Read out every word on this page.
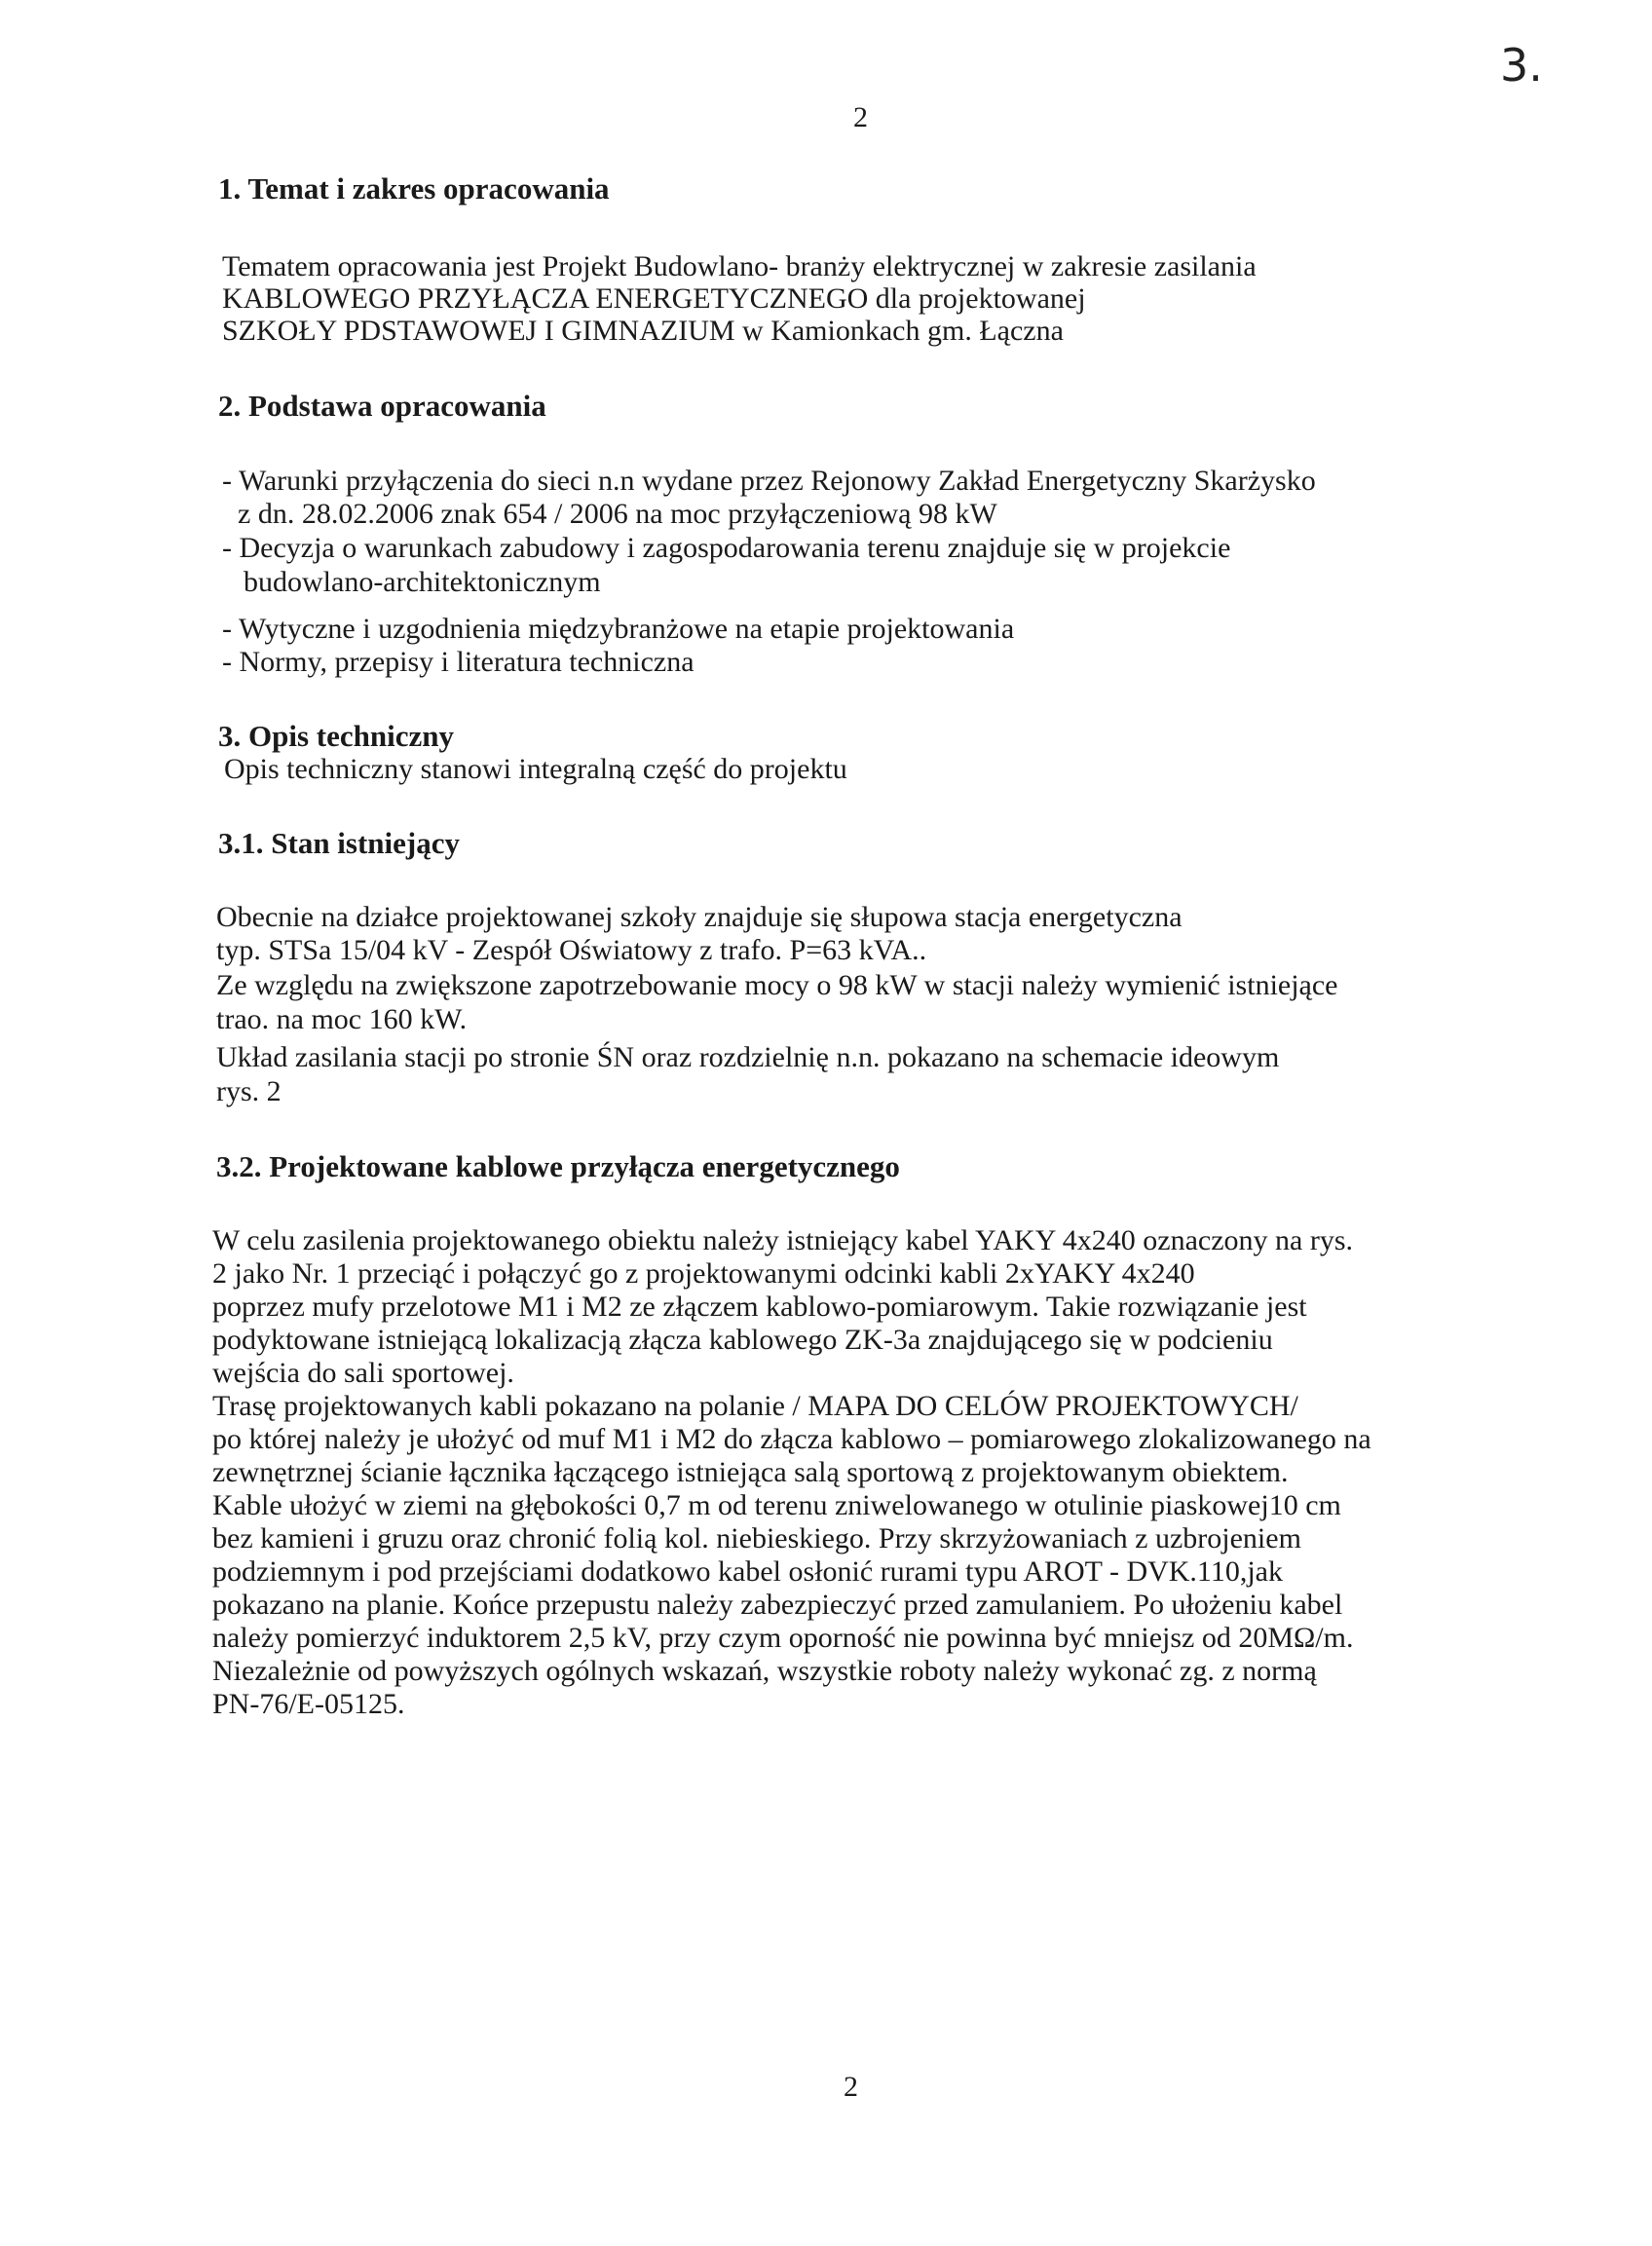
3.
2
1. Temat i zakres opracowania
Tematem opracowania jest Projekt Budowlano- branży elektrycznej w zakresie zasilania
KABLOWEGO PRZYŁĄCZA ENERGETYCZNEGO dla projektowanej
SZKOŁY PDSTAWOWEJ I GIMNAZIUM w Kamionkach gm. Łączna
2. Podstawa opracowania
- Warunki przyłączenia do sieci n.n wydane przez Rejonowy Zakład Energetyczny Skarżysko
z dn. 28.02.2006 znak 654 / 2006 na moc przyłączeniową 98 kW
- Decyzja o warunkach zabudowy i zagospodarowania terenu znajduje się w projekcie
budowlano-architektonicznym
- Wytyczne i uzgodnienia międzybranżowe na etapie projektowania
- Normy, przepisy i literatura techniczna
3. Opis techniczny
Opis techniczny stanowi integralną część do projektu
3.1. Stan istniejący
Obecnie na działce projektowanej szkoły znajduje się słupowa stacja energetyczna
typ. STSa 15/04 kV - Zespół Oświatowy z trafo. P=63 kVA..
Ze względu na zwiększone zapotrzebowanie mocy o 98 kW w stacji należy wymienić istniejące
trao. na moc 160 kW.
Układ zasilania stacji po stronie ŚN oraz rozdzielnię n.n. pokazano na schemacie ideowym
rys. 2
3.2. Projektowane kablowe przyłącza energetycznego
W celu zasilenia projektowanego obiektu należy istniejący kabel YAKY 4x240 oznaczony na rys.
2 jako Nr. 1 przeciąć i połączyć go z projektowanymi odcinki kabli 2xYAKY 4x240
poprzez mufy przelotowe M1 i M2 ze złączem kablowo-pomiarowym. Takie rozwiązanie jest
podyktowane istniejącą lokalizacją złącza kablowego ZK-3a znajdującego się w podcieniu
wejścia do sali sportowej.
Trasę projektowanych kabli pokazano na polanie / MAPA DO CELÓW PROJEKTOWYCH/
po której należy je ułożyć od muf M1 i M2 do złącza kablowo – pomiarowego zlokalizowanego na
zewnętrznej ścianie łącznika łączącego istniejąca salą sportową z projektowanym obiektem.
Kable ułożyć w ziemi na głębokości 0,7 m od terenu zniwelowanego w otulinie piaskowej10 cm
bez kamieni i gruzu oraz chronić folią kol. niebieskiego. Przy skrzyżowaniach z uzbrojeniem
podziemnym i pod przejściami dodatkowo kabel osłonić rurami typu AROT - DVK.110,jak
pokazano na planie. Końce przepustu należy zabezpieczyć przed zamulaniem. Po ułożeniu kabel
należy pomierzyć induktorem 2,5 kV, przy czym oporność nie powinna być mniejsz od 20MΩ/m.
Niezależnie od powyższych ogólnych wskazań, wszystkie roboty należy wykonać zg. z normą
PN-76/E-05125.
2
